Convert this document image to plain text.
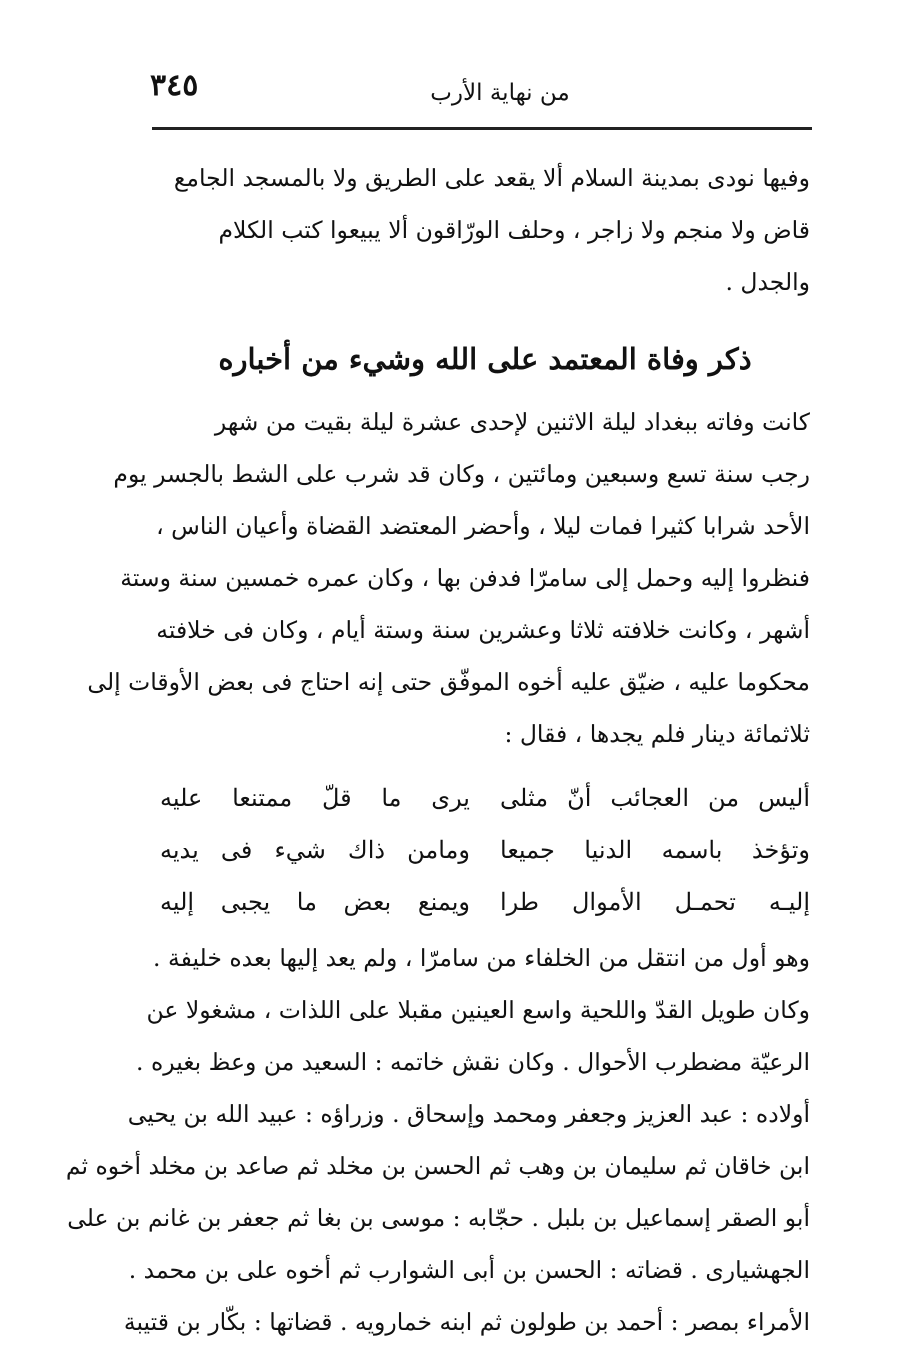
٣٤٥	من نهاية الأرب
وفيها نودى بمدينة السلام ألا يقعد على الطريق ولا بالمسجد الجامع
قاض ولا منجم ولا زاجر ، وحلف الورّاقون ألا يبيعوا كتب الكلام
والجدل .
ذكر وفاة المعتمد على الله وشيء من أخباره
كانت وفاته ببغداد ليلة الاثنين لإحدى عشرة ليلة بقيت من شهر
رجب سنة تسع وسبعين ومائتين ، وكان قد شرب على الشط بالجسر يوم
الأحد شرابا كثيرا فمات ليلا ، وأحضر المعتضد القضاة وأعيان الناس ،
فنظروا إليه وحمل إلى سامرّا فدفن بها ، وكان عمره خمسين سنة وستة
أشهر ، وكانت خلافته ثلاثا وعشرين سنة وستة أيام ، وكان فى خلافته
محكوما عليه ، ضيّق عليه أخوه الموفّق حتى إنه احتاج فى بعض الأوقات إلى
ثلاثمائة دينار فلم يجدها ، فقال :
أليس من العجائب أنّ مثلى
يرى ما قلّ ممتنعا عليه
وتؤخذ باسمه الدنيا جميعا
ومامن ذاك شيء فى يديه
إليـه تحمـل الأموال طرا
ويمنع بعض ما يجبى إليه
وهو أول من انتقل من الخلفاء من سامرّا ، ولم يعد إليها بعده خليفة .
وكان طويل القدّ واللحية واسع العينين مقبلا على اللذات ، مشغولا عن
الرعيّة مضطرب الأحوال . وكان نقش خاتمه : السعيد من وعظ بغيره .
أولاده : عبد العزيز وجعفر ومحمد وإسحاق . وزراؤه : عبيد الله بن يحيى
ابن خاقان ثم سليمان بن وهب ثم الحسن بن مخلد ثم صاعد بن مخلد أخوه ثم
أبو الصقر إسماعيل بن بلبل . حجّابه : موسى بن بغا ثم جعفر بن غانم بن على
الجهشيارى . قضاته : الحسن بن أبى الشوارب ثم أخوه على بن محمد .
الأمراء بمصر : أحمد بن طولون ثم ابنه خمارويه . قضاتها : بكّار بن قتيبة
